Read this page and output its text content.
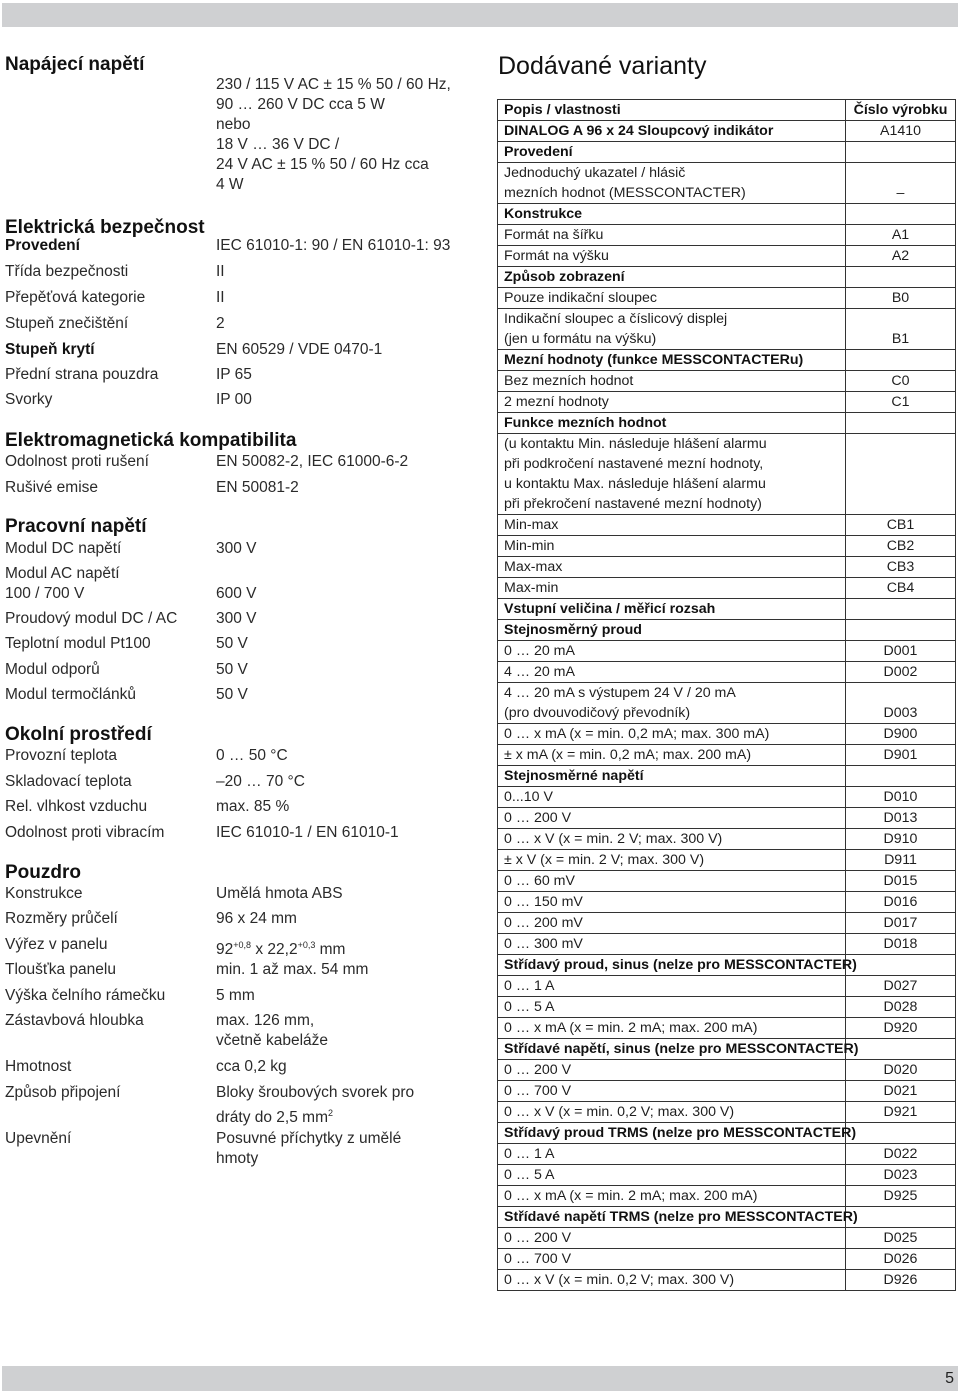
Napájecí napětí
230 / 115 V AC ± 15 % 50 / 60 Hz,
90 … 260 V DC cca 5 W
nebo
18 V … 36 V DC /
24 V AC ± 15 % 50 / 60 Hz cca
4 W
Elektrická bezpečnost
Provedení	IEC 61010-1: 90 / EN 61010-1: 93
Třída bezpečnosti	II
Přepěťová kategorie	II
Stupeň znečištění	2
Stupeň krytí	EN 60529 / VDE 0470-1
Přední strana pouzdra	IP 65
Svorky	IP 00
Elektromagnetická kompatibilita
Odolnost proti rušení	EN 50082-2, IEC 61000-6-2
Rušivé emise	EN 50081-2
Pracovní napětí
Modul DC napětí	300 V
Modul AC napětí
100 / 700 V	600 V
Proudový modul DC / AC 300 V
Teplotní modul Pt100	50 V
Modul odporů	50 V
Modul termočlánků	50 V
Okolní prostředí
Provozní teplota	0 … 50 °C
Skladovací teplota	–20 … 70 °C
Rel. vlhkost vzduchu	max. 85 %
Odolnost proti vibracím	IEC 61010-1 / EN 61010-1
Pouzdro
Konstrukce	Umělá hmota ABS
Rozměry průčelí	96 x 24 mm
Výřez v panelu	$92^{+0,8}$ x $22,2^{+0,3}$ mm
Tloušťka panelu	min. 1 až max. 54 mm
Výška čelního rámečku	5 mm
Zástavbová hloubka	max. 126 mm,
včetně kabeláže
Hmotnost	cca 0,2 kg
Způsob připojení	Bloky šroubových svorek pro
dráty do 2,5 $mm^2$
Upevnění	Posuvné příchytky z umělé
hmoty
Dodávané varianty
Popis / vlastnosti	Číslo výrobku
DINALOG A 96 x 24 Sloupcový indikátor	A1410
Provedení	
Jednoduchý ukazatel / hlásič
mezních hodnot (MESSCONTACTER)	–
Konstrukce	
Formát na šířku	A1
Formát na výšku	A2
Způsob zobrazení	
Pouze indikační sloupec	B0
Indikační sloupec a číslicový displej
(jen u formátu na výšku)	B1
Mezní hodnoty (funkce MESSCONTACTERu)	
Bez mezních hodnot	C0
2 mezní hodnoty	C1
Funkce mezních hodnot	
(u kontaktu Min. následuje hlášení alarmu
při podkročení nastavené mezní hodnoty,
u kontaktu Max. následuje hlášení alarmu
při překročení nastavené mezní hodnoty)	
Min-max	CB1
Min-min	CB2
Max-max	CB3
Max-min	CB4
Vstupní veličina / měřicí rozsah	
Stejnosměrný proud	
0 … 20 mA	D001
4 … 20 mA	D002
4 … 20 mA s výstupem 24 V / 20 mA
(pro dvouvodičový převodník)	D003
0 … x mA (x = min. 0,2 mA; max. 300 mA)	D900
± x mA (x = min. 0,2 mA; max. 200 mA)	D901
Stejnosměrné napětí	
0...10 V	D010
0 … 200 V	D013
0 … x V (x = min. 2 V; max. 300 V)	D910
± x V (x = min. 2 V; max. 300 V)	D911
0 … 60 mV	D015
0 … 150 mV	D016
0 … 200 mV	D017
0 … 300 mV	D018
Střídavý proud, sinus (nelze pro MESSCONTACTER)	
0 … 1 A	D027
0 … 5 A	D028
0 … x mA (x = min. 2 mA; max. 200 mA)	D920
Střídavé napětí, sinus (nelze pro MESSCONTACTER)	
0 … 200 V	D020
0 … 700 V	D021
0 … x V (x = min. 0,2 V; max. 300 V)	D921
Střídavý proud TRMS (nelze pro MESSCONTACTER)	
0 … 1 A	D022
0 … 5 A	D023
0 … x mA (x = min. 2 mA; max. 200 mA)	D925
Střídavé napětí TRMS (nelze pro MESSCONTACTER)	
0 … 200 V	D025
0 … 700 V	D026
0 … x V (x = min. 0,2 V; max. 300 V)	D926
5
